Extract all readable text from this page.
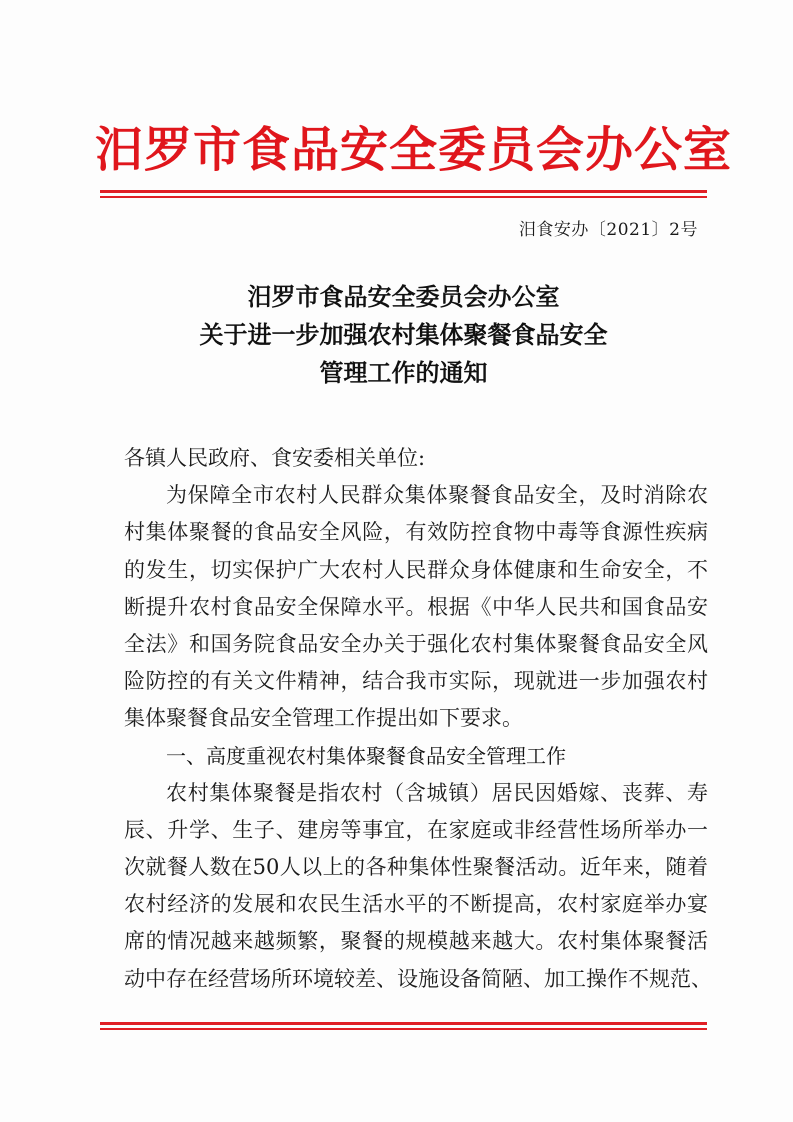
汨罗市食品安全委员会办公室
汨食安办〔2021〕2号
汨罗市食品安全委员会办公室
关于进一步加强农村集体聚餐食品安全
管理工作的通知
各镇人民政府、食安委相关单位:
为保障全市农村人民群众集体聚餐食品安全，及时消除农
村集体聚餐的食品安全风险，有效防控食物中毒等食源性疾病
的发生，切实保护广大农村人民群众身体健康和生命安全，不
断提升农村食品安全保障水平。根据《中华人民共和国食品安
全法》和国务院食品安全办关于强化农村集体聚餐食品安全风
险防控的有关文件精神，结合我市实际，现就进一步加强农村
集体聚餐食品安全管理工作提出如下要求。
一、高度重视农村集体聚餐食品安全管理工作
农村集体聚餐是指农村（含城镇）居民因婚嫁、丧葬、寿
辰、升学、生子、建房等事宜，在家庭或非经营性场所举办一
次就餐人数在50人以上的各种集体性聚餐活动。近年来，随着
农村经济的发展和农民生活水平的不断提高，农村家庭举办宴
席的情况越来越频繁，聚餐的规模越来越大。农村集体聚餐活
动中存在经营场所环境较差、设施设备简陋、加工操作不规范、
